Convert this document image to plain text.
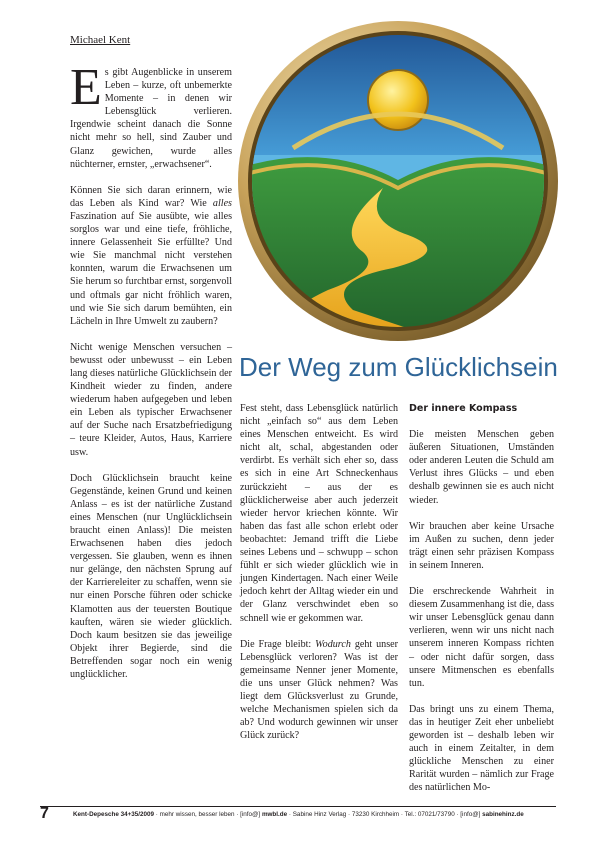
Michael Kent

Es gibt Augenblicke in unserem Leben – kurze, oft unbemerkte Momente – in denen wir Lebensglück verlieren. Irgendwie scheint danach die Sonne nicht mehr so hell, sind Zauber und Glanz gewichen, wurde alles nüchterner, ernster, „erwachsener“.

Können Sie sich daran erinnern, wie das Leben als Kind war? Wie alles Faszination auf Sie ausübte, wie alles sorglos war und eine tiefe, fröhliche, innere Gelassenheit Sie erfüllte? Und wie Sie manchmal nicht verstehen konnten, warum die Erwachsenen um Sie herum so furchtbar ernst, sorgenvoll und oftmals gar nicht fröhlich waren, und wie Sie sich darum bemühten, ein Lächeln in Ihre Umwelt zu zaubern?

Nicht wenige Menschen versuchen – bewusst oder unbewusst – ein Leben lang dieses natürliche Glücklichsein der Kindheit wieder zu finden, andere wiederum haben aufgegeben und leben ein Leben als typischer Erwachsener auf der Suche nach Ersatzbefriedigung – teure Kleider, Autos, Haus, Karriere usw.

Doch Glücklichsein braucht keine Gegenstände, keinen Grund und keinen Anlass – es ist der natürliche Zustand eines Menschen (nur Unglücklichsein braucht einen Anlass)! Die meisten Erwachsenen haben dies jedoch vergessen. Sie glauben, wenn es ihnen nur gelänge, den nächsten Sprung auf der Karriereleiter zu schaffen, wenn sie nur einen Porsche führen oder schicke Klamotten aus der teuersten Boutique kauften, wären sie wieder glücklich. Doch kaum besitzen sie das jeweilige Objekt ihrer Begierde, sind die Betreffenden sogar noch ein wenig unglücklicher.

Der Weg zum Glücklichsein

Fest steht, dass Lebensglück natürlich nicht „einfach so“ aus dem Leben eines Menschen entweicht. Es wird nicht alt, schal, abgestanden oder verdirbt. Es verhält sich eher so, dass es sich in eine Art Schneckenhaus zurückzieht – aus der es glücklicherweise aber auch jederzeit wieder hervor kriechen könnte. Wir haben das fast alle schon erlebt oder beobachtet: Jemand trifft die Liebe seines Lebens und – schwupp – schon fühlt er sich wieder glücklich wie in jungen Kindertagen. Nach einer Weile jedoch kehrt der Alltag wieder ein und der Glanz verschwindet eben so schnell wie er gekommen war.

Die Frage bleibt: Wodurch geht unser Lebensglück verloren? Was ist der gemeinsame Nenner jener Momente, die uns unser Glück nehmen? Was liegt dem Glücksverlust zu Grunde, welche Mechanismen spielen sich da ab? Und wodurch gewinnen wir unser Glück zurück?

Der innere Kompass

Die meisten Menschen geben äußeren Situationen, Umständen oder anderen Leuten die Schuld am Verlust ihres Glücks – und eben deshalb gewinnen sie es auch nicht wieder.

Wir brauchen aber keine Ursache im Außen zu suchen, denn jeder trägt einen sehr präzisen Kompass in seinem Inneren.

Die erschreckende Wahrheit in diesem Zusammenhang ist die, dass wir unser Lebensglück genau dann verlieren, wenn wir uns nicht nach unserem inneren Kompass richten – oder nicht dafür sorgen, dass unsere Mitmenschen es ebenfalls tun.

Das bringt uns zu einem Thema, das in heutiger Zeit eher unbeliebt geworden ist – deshalb leben wir auch in einem Zeitalter, in dem glückliche Menschen zu einer Rarität wurden – nämlich zur Frage des natürlichen Mo-

7	Kent-Depesche 34+35/2009 · mehr wissen, besser leben · [info@] mwbl.de · Sabine Hinz Verlag · 73230 Kirchheim · Tel.: 07021/73790 · [info@] sabinehinz.de
